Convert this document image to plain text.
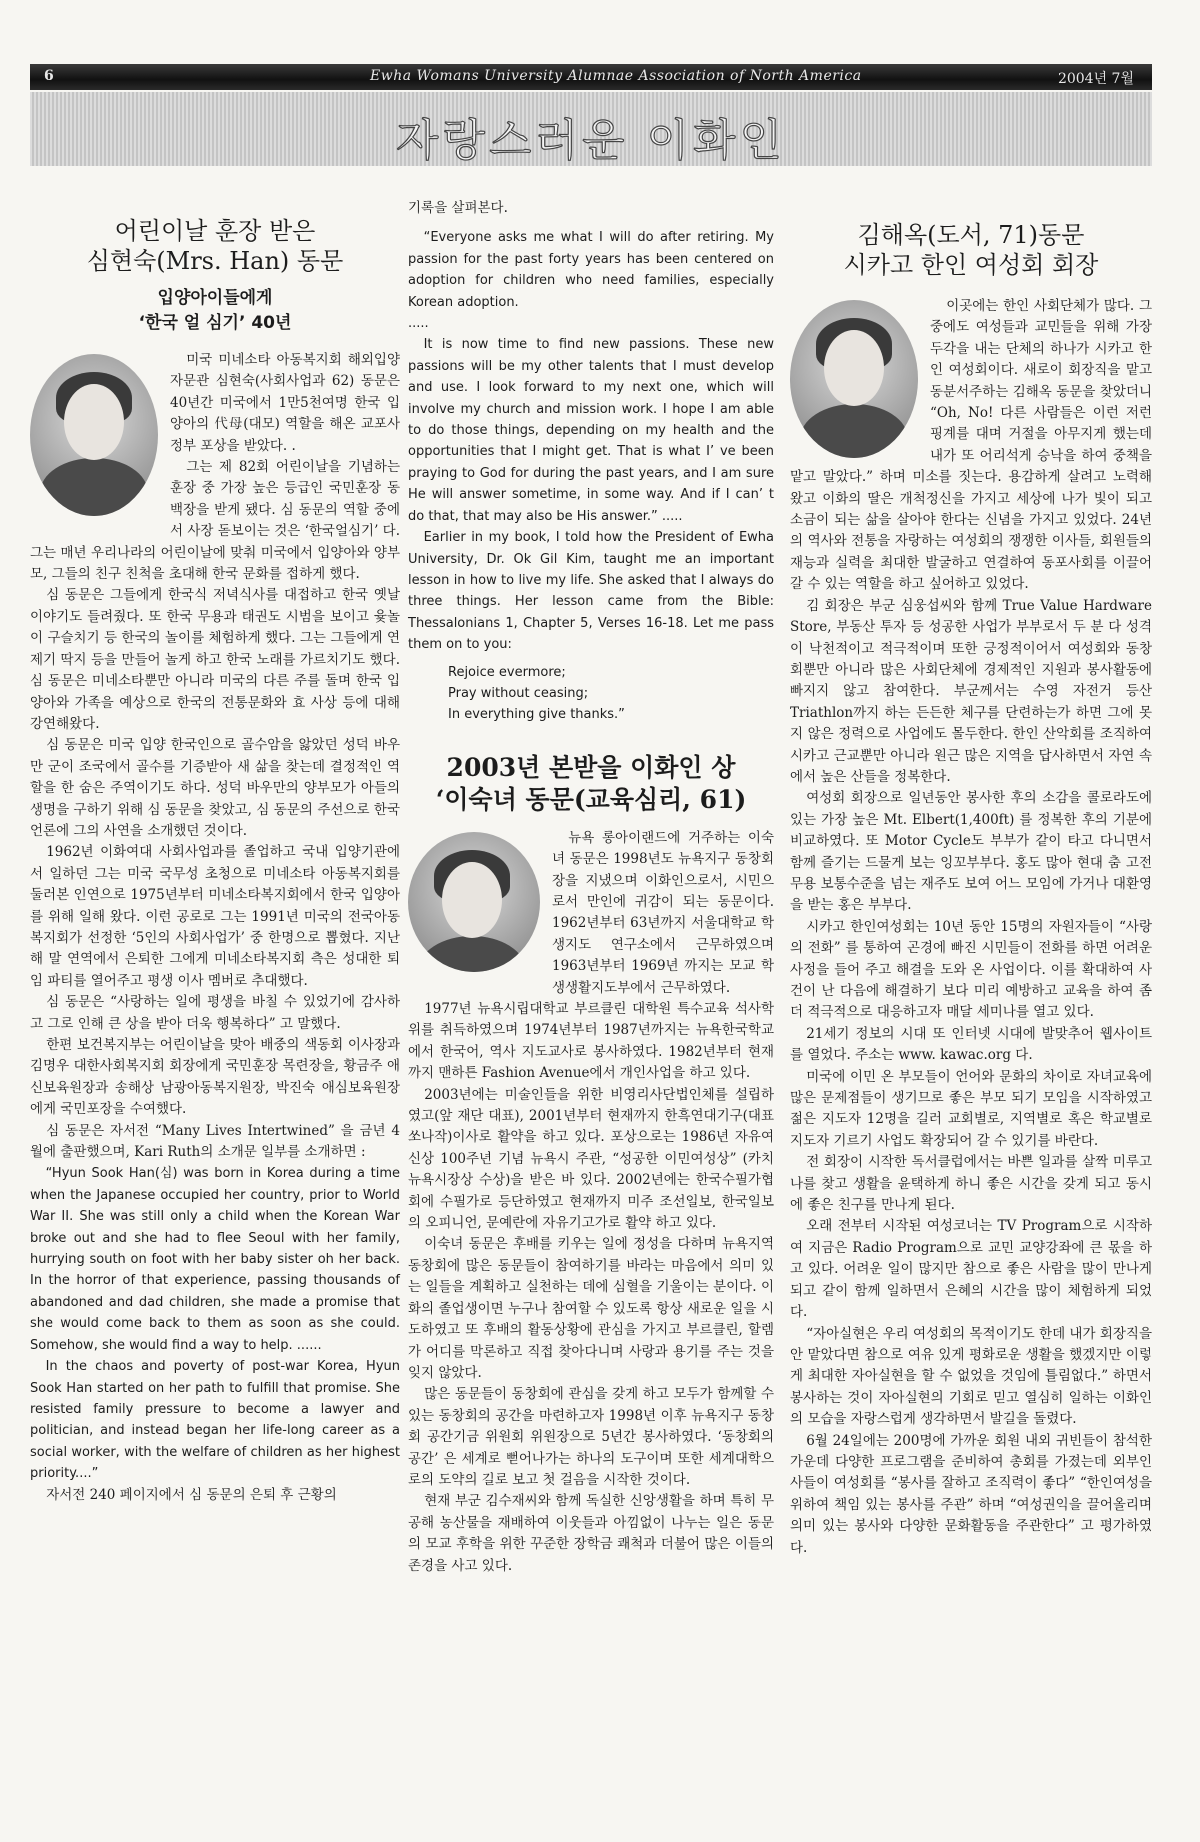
6	Ewha Womans University Alumnae Association of North America	2004년 7월
자랑스러운 이화인
어린이날 훈장 받은
심현숙(Mrs. Han) 동문
입양아이들에게
‘한국 얼 심기’ 40년

미국 미네소타 아동복지회 해외입양자문관 심현숙(사회사업과 62) 동문은 40년간 미국에서 1만5천여명 한국 입양아의 代母(대모) 역할을 해온 교포사 정부 포상을 받았다. .

그는 제 82회 어린이날을 기념하는 훈장 중 가장 높은 등급인 국민훈장 동백장을 받게 됐다. 심 동문의 역할 중에서 사장 돋보이는 것은 ‘한국얼심기’ 다. 그는 매년 우리나라의 어린이날에 맞춰 미국에서 입양아와 양부모, 그들의 친구 친척을 초대해 한국 문화를 접하게 했다.

심 동문은 그들에게 한국식 저녁식사를 대접하고 한국 옛날이야기도 들려줬다. 또 한국 무용과 태권도 시범을 보이고 윷놀이 구슬치기 등 한국의 놀이를 체험하게 했다. 그는 그들에게 연 제기 딱지 등을 만들어 놀게 하고 한국 노래를 가르치기도 했다. 심 동문은 미네소타뿐만 아니라 미국의 다른 주를 돌며 한국 입양아와 가족을 예상으로 한국의 전통문화와 효 사상 등에 대해 강연해왔다.

심 동문은 미국 입양 한국인으로 골수암을 앓았던 성덕 바우만 군이 조국에서 골수를 기증받아 새 삶을 찾는데 결정적인 역할을 한 숨은 주역이기도 하다. 성덕 바우만의 양부모가 아들의 생명을 구하기 위해 심 동문을 찾았고, 심 동문의 주선으로 한국 언론에 그의 사연을 소개했던 것이다.

1962년 이화여대 사회사업과를 졸업하고 국내 입양기관에서 일하던 그는 미국 국무성 초청으로 미네소타 아동복지회를 둘러본 인연으로 1975년부터 미네소타복지회에서 한국 입양아를 위해 일해 왔다. 이런 공로로 그는 1991년 미국의 전국아동복지회가 선정한 ‘5인의 사회사업가’ 중 한명으로 뽑혔다. 지난해 말 연역에서 은퇴한 그에게 미네소타복지회 측은 성대한 퇴임 파티를 열어주고 평생 이사 멤버로 추대했다.

심 동문은 “사랑하는 일에 평생을 바칠 수 있었기에 감사하고 그로 인해 큰 상을 받아 더욱 행복하다” 고 말했다.

한편 보건복지부는 어린이날을 맞아 배중의 색동회 이사장과 김명우 대한사회복지회 회장에게 국민훈장 목련장을, 황금주 애신보육원장과 송해상 남광아동복지원장, 박진숙 애심보육원장에게 국민포장을 수여했다.

심 동문은 자서전 “Many Lives Intertwined” 을 금년 4월에 출판했으며, Kari Ruth의 소개문 일부를 소개하면 :

“Hyun Sook Han(심) was born in Korea during a time when the Japanese occupied her country, prior to World War II. She was still only a child when the Korean War broke out and she had to flee Seoul with her family, hurrying south on foot with her baby sister oh her back. In the horror of that experience, passing thousands of abandoned and dad children, she made a promise that she would come back to them as soon as she could. Somehow, she would find a way to help. ......

In the chaos and poverty of post-war Korea, Hyun Sook Han started on her path to fulfill that promise. She resisted family pressure to become a lawyer and politician, and instead began her life-long career as a social worker, with the welfare of children as her highest priority....”

자서전 240 페이지에서 심 동문의 은퇴 후 근황의

기록을 살펴본다.

“Everyone asks me what I will do after retiring. My passion for the past forty years has been centered on adoption for children who need families, especially Korean adoption.

.....

It is now time to find new passions. These new passions will be my other talents that I must develop and use. I look forward to my next one, which will involve my church and mission work. I hope I am able to do those things, depending on my health and the opportunities that I might get. That is what I’ ve been praying to God for during the past years, and I am sure He will answer sometime, in some way. And if I can’ t do that, that may also be His answer.” .....

Earlier in my book, I told how the President of Ewha University, Dr. Ok Gil Kim, taught me an important lesson in how to live my life. She asked that I always do three things. Her lesson came from the Bible: Thessalonians 1, Chapter 5, Verses 16-18. Let me pass them on to you:

Rejoice evermore;
Pray without ceasing;
In everything give thanks.”
2003년 본받을 이화인 상
‘이숙녀 동문(교육심리, 61)

뉴욕 롱아이랜드에 거주하는 이숙녀 동문은 1998년도 뉴욕지구 동창회장을 지냈으며 이화인으로서, 시민으로서 만인에 귀감이 되는 동문이다. 1962년부터 63년까지 서울대학교 학생지도 연구소에서 근무하였으며 1963년부터 1969년 까지는 모교 학생생활지도부에서 근무하였다.

1977년 뉴욕시립대학교 부르클린 대학원 특수교육 석사학위를 취득하였으며 1974년부터 1987년까지는 뉴욕한국학교에서 한국어, 역사 지도교사로 봉사하였다. 1982년부터 현재까지 맨하튼 Fashion Avenue에서 개인사업을 하고 있다.

2003년에는 미술인들을 위한 비영리사단법인체를 설립하였고(앞 재단 대표), 2001년부터 현재까지 한흑연대기구(대표 쏘나작)이사로 활약을 하고 있다. 포상으로는 1986년 자유여신상 100주년 기념 뉴욕시 주관, “성공한 이민여성상” (카치 뉴욕시장상 수상)을 받은 바 있다. 2002년에는 한국수필가협회에 수필가로 등단하였고 현재까지 미주 조선일보, 한국일보의 오피니언, 문예란에 자유기고가로 활약 하고 있다.

이숙녀 동문은 후배를 키우는 일에 정성을 다하며 뉴욕지역동창회에 많은 동문들이 참여하기를 바라는 마음에서 의미 있는 일들을 계획하고 실천하는 데에 심혈을 기울이는 분이다. 이화의 졸업생이면 누구나 참여할 수 있도록 항상 새로운 일을 시도하였고 또 후배의 활동상황에 관심을 가지고 부르클린, 할렘가 어디를 막론하고 직접 찾아다니며 사랑과 용기를 주는 것을 잊지 않았다.

많은 동문들이 동창회에 관심을 갖게 하고 모두가 함께할 수 있는 동창회의 공간을 마련하고자 1998년 이후 뉴욕지구 동창회 공간기금 위원회 위원장으로 5년간 봉사하였다. ‘동창회의 공간’ 은 세계로 뻗어나가는 하나의 도구이며 또한 세계대학으로의 도약의 길로 보고 첫 걸음을 시작한 것이다.

현재 부군 김수재씨와 함께 독실한 신앙생활을 하며 특히 무공해 농산물을 재배하여 이웃들과 아낌없이 나누는 일은 동문의 모교 후학을 위한 꾸준한 장학금 쾌척과 더불어 많은 이들의 존경을 사고 있다.

김해옥(도서, 71)동문
시카고 한인 여성회 회장

이곳에는 한인 사회단체가 많다. 그 중에도 여성들과 교민들을 위해 가장 두각을 내는 단체의 하나가 시카고 한인 여성회이다. 새로이 회장직을 맡고 동분서주하는 김해옥 동문을 찾았더니 “Oh, No! 다른 사람들은 이런 저런 핑계를 대며 거절을 아무지게 했는데 내가 또 어리석게 승낙을 하여 중책을 맡고 말았다.” 하며 미소를 짓는다. 용감하게 살려고 노력해 왔고 이화의 딸은 개척정신을 가지고 세상에 나가 빛이 되고 소금이 되는 삶을 살아야 한다는 신념을 가지고 있었다. 24년의 역사와 전통을 자랑하는 여성회의 쟁쟁한 이사들, 회원들의 재능과 실력을 최대한 발굴하고 연결하여 동포사회를 이끌어 갈 수 있는 역할을 하고 싶어하고 있었다.

김 회장은 부군 심웅섭씨와 함께 True Value Hardware Store, 부동산 투자 등 성공한 사업가 부부로서 두 분 다 성격이 낙천적이고 적극적이며 또한 긍정적이어서 여성회와 동창회뿐만 아니라 많은 사회단체에 경제적인 지원과 봉사활동에 빠지지 않고 참여한다. 부군께서는 수영 자전거 등산 Triathlon까지 하는 든든한 체구를 단련하는가 하면 그에 못지 않은 정력으로 사업에도 몰두한다. 한인 산악회를 조직하여 시카고 근교뿐만 아니라 원근 많은 지역을 답사하면서 자연 속에서 높은 산들을 정복한다.

여성회 회장으로 일년동안 봉사한 후의 소감을 콜로라도에 있는 가장 높은 Mt. Elbert(1,400ft) 를 정복한 후의 기분에 비교하였다. 또 Motor Cycle도 부부가 같이 타고 다니면서 함께 즐기는 드물게 보는 잉꼬부부다. 홍도 많아 현대 춤 고전무용 보통수준을 넘는 재주도 보여 어느 모임에 가거나 대환영을 받는 홍은 부부다.

시카고 한인여성회는 10년 동안 15명의 자원자들이 “사랑의 전화” 를 통하여 곤경에 빠진 시민들이 전화를 하면 어려운 사정을 들어 주고 해결을 도와 온 사업이다. 이를 확대하여 사건이 난 다음에 해결하기 보다 미리 예방하고 교육을 하여 좀더 적극적으로 대응하고자 매달 세미나를 열고 있다.

21세기 정보의 시대 또 인터넷 시대에 발맞추어 웹사이트를 열었다. 주소는 www. kawac.org 다.

미국에 이민 온 부모들이 언어와 문화의 차이로 자녀교육에 많은 문제점들이 생기므로 좋은 부모 되기 모임을 시작하였고 젊은 지도자 12명을 길러 교회별로, 지역별로 혹은 학교별로 지도자 기르기 사업도 확장되어 갈 수 있기를 바란다.

전 회장이 시작한 독서클럽에서는 바쁜 일과를 살짝 미루고 나를 찾고 생활을 윤택하게 하니 좋은 시간을 갖게 되고 동시에 좋은 친구를 만나게 된다.

오래 전부터 시작된 여성코너는 TV Program으로 시작하여 지금은 Radio Program으로 교민 교양강좌에 큰 몫을 하고 있다. 어려운 일이 많지만 참으로 좋은 사람을 많이 만나게 되고 같이 함께 일하면서 은혜의 시간을 많이 체험하게 되었다.

“자아실현은 우리 여성회의 목적이기도 한데 내가 회장직을 안 맡았다면 참으로 여유 있게 평화로운 생활을 했겠지만 이렇게 최대한 자아실현을 할 수 없었을 것임에 틀림없다.” 하면서 봉사하는 것이 자아실현의 기회로 믿고 열심히 일하는 이화인의 모습을 자랑스럽게 생각하면서 발길을 돌렸다.

6월 24일에는 200명에 가까운 회원 내외 귀빈들이 참석한가운데 다양한 프로그램을 준비하여 총회를 가졌는데 외부인사들이 여성회를 “봉사를 잘하고 조직력이 좋다” “한인여성을 위하여 책임 있는 봉사를 주관” 하며 “여성권익을 끌어올리며 의미 있는 봉사와 다양한 문화활동을 주관한다” 고 평가하였다.
